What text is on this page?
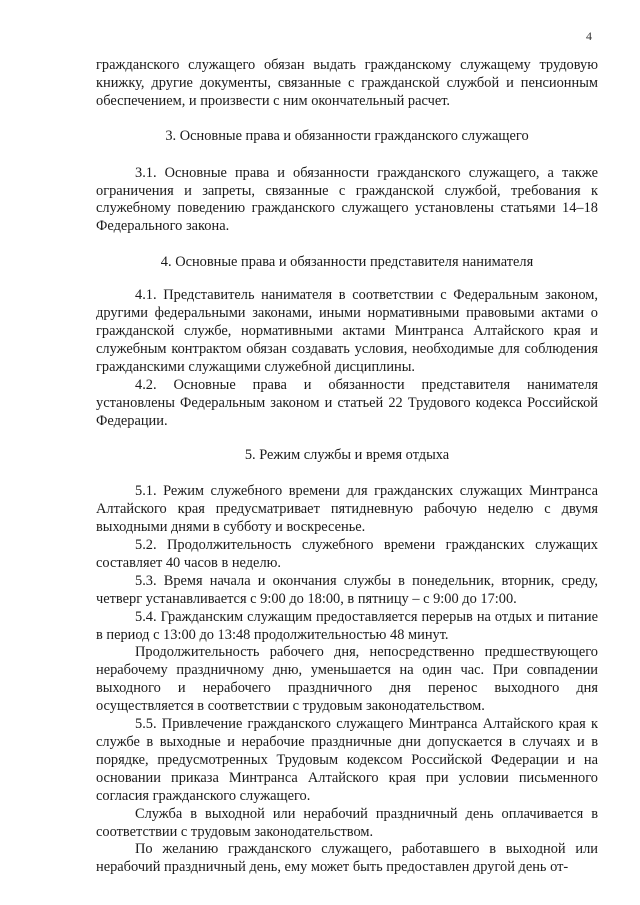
4

гражданского служащего обязан выдать гражданскому служащему трудовую книжку, другие документы, связанные с гражданской службой и пенсионным обеспечением, и произвести с ним окончательный расчет.

3. Основные права и обязанности гражданского служащего

3.1. Основные права и обязанности гражданского служащего, а также ограничения и запреты, связанные с гражданской службой, требования к служебному поведению гражданского служащего установлены статьями 14–18 Федерального закона.

4. Основные права и обязанности представителя нанимателя

4.1. Представитель нанимателя в соответствии с Федеральным законом, другими федеральными законами, иными нормативными правовыми актами о гражданской службе, нормативными актами Минтранса Алтайского края и служебным контрактом обязан создавать условия, необходимые для соблюдения гражданскими служащими служебной дисциплины.

4.2. Основные права и обязанности представителя нанимателя установлены Федеральным законом и статьей 22 Трудового кодекса Российской Федерации.

5. Режим службы и время отдыха

5.1. Режим служебного времени для гражданских служащих Минтранса Алтайского края предусматривает пятидневную рабочую неделю с двумя выходными днями в субботу и воскресенье.

5.2. Продолжительность служебного времени гражданских служащих составляет 40 часов в неделю.

5.3. Время начала и окончания службы в понедельник, вторник, среду, четверг устанавливается с 9:00 до 18:00, в пятницу – с 9:00 до 17:00.

5.4. Гражданским служащим предоставляется перерыв на отдых и питание в период с 13:00 до 13:48 продолжительностью 48 минут.

Продолжительность рабочего дня, непосредственно предшествующего нерабочему праздничному дню, уменьшается на один час. При совпадении выходного и нерабочего праздничного дня перенос выходного дня осуществляется в соответствии с трудовым законодательством.

5.5. Привлечение гражданского служащего Минтранса Алтайского края к службе в выходные и нерабочие праздничные дни допускается в случаях и в порядке, предусмотренных Трудовым кодексом Российской Федерации и на основании приказа Минтранса Алтайского края при условии письменного согласия гражданского служащего.

Служба в выходной или нерабочий праздничный день оплачивается в соответствии с трудовым законодательством.

По желанию гражданского служащего, работавшего в выходной или нерабочий праздничный день, ему может быть предоставлен другой день от-
